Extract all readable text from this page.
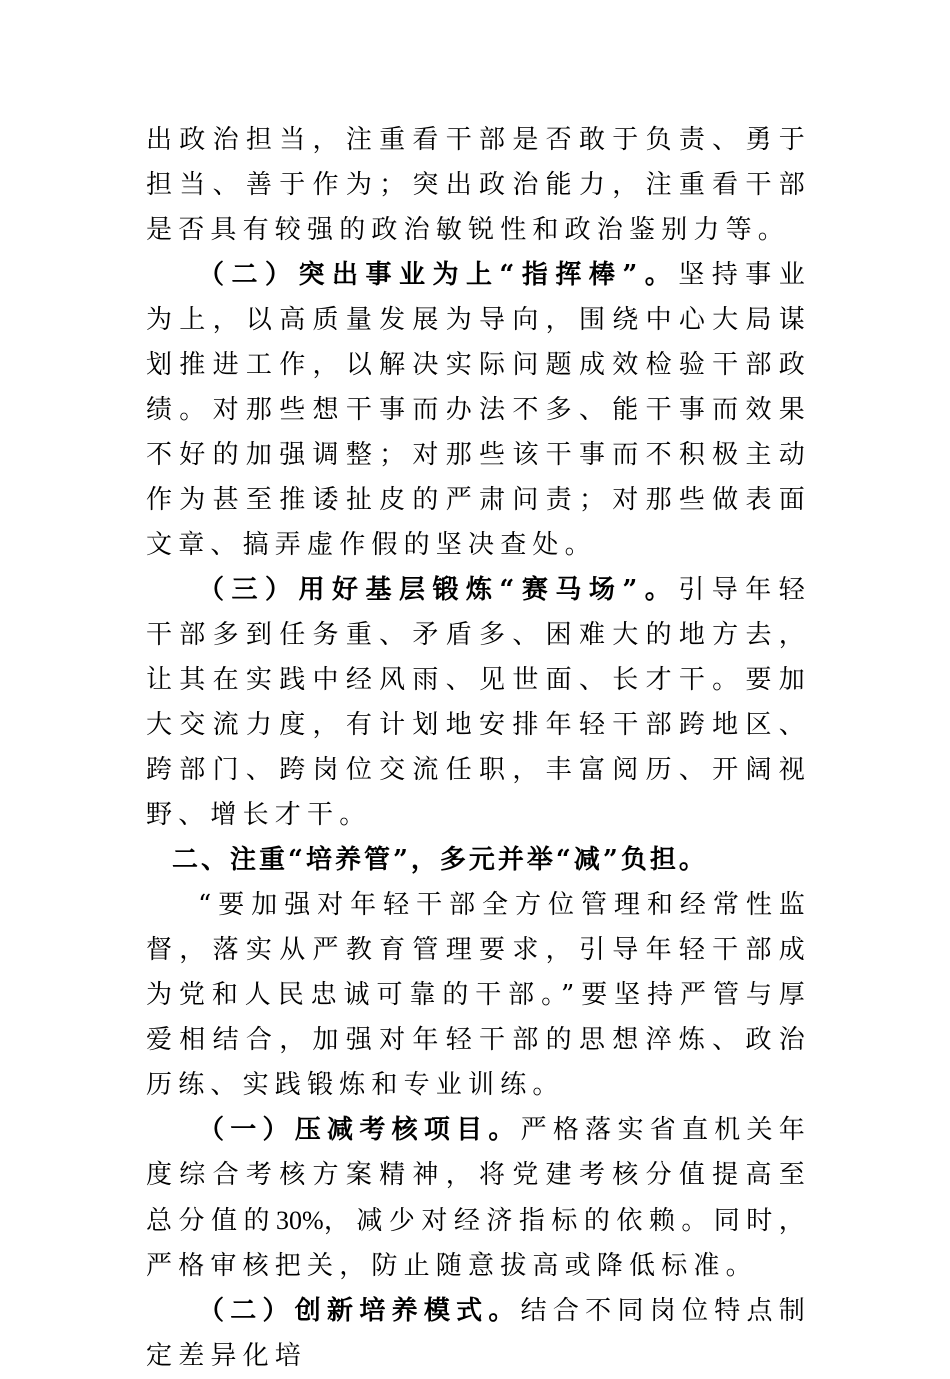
出政治担当，注重看干部是否敢于负责、勇于担当、善于作为；突出政治能力，注重看干部是否具有较强的政治敏锐性和政治鉴别力等。

（二）突出事业为上“指挥棒”。坚持事业为上，以高质量发展为导向，围绕中心大局谋划推进工作，以解决实际问题成效检验干部政绩。对那些想干事而办法不多、能干事而效果不好的加强调整；对那些该干事而不积极主动作为甚至推诿扯皮的严肃问责；对那些做表面文章、搞弄虚作假的坚决查处。

（三）用好基层锻炼“赛马场”。引导年轻干部多到任务重、矛盾多、困难大的地方去，让其在实践中经风雨、见世面、长才干。要加大交流力度，有计划地安排年轻干部跨地区、跨部门、跨岗位交流任职，丰富阅历、开阔视野、增长才干。

二、注重“培养管”，多元并举“减”负担。

“要加强对年轻干部全方位管理和经常性监督，落实从严教育管理要求，引导年轻干部成为党和人民忠诚可靠的干部。”要坚持严管与厚爱相结合，加强对年轻干部的思想淬炼、政治历练、实践锻炼和专业训练。

（一）压减考核项目。严格落实省直机关年度综合考核方案精神，将党建考核分值提高至总分值的30%，减少对经济指标的依赖。同时，严格审核把关，防止随意拔高或降低标准。

（二）创新培养模式。结合不同岗位特点制定差异化培
